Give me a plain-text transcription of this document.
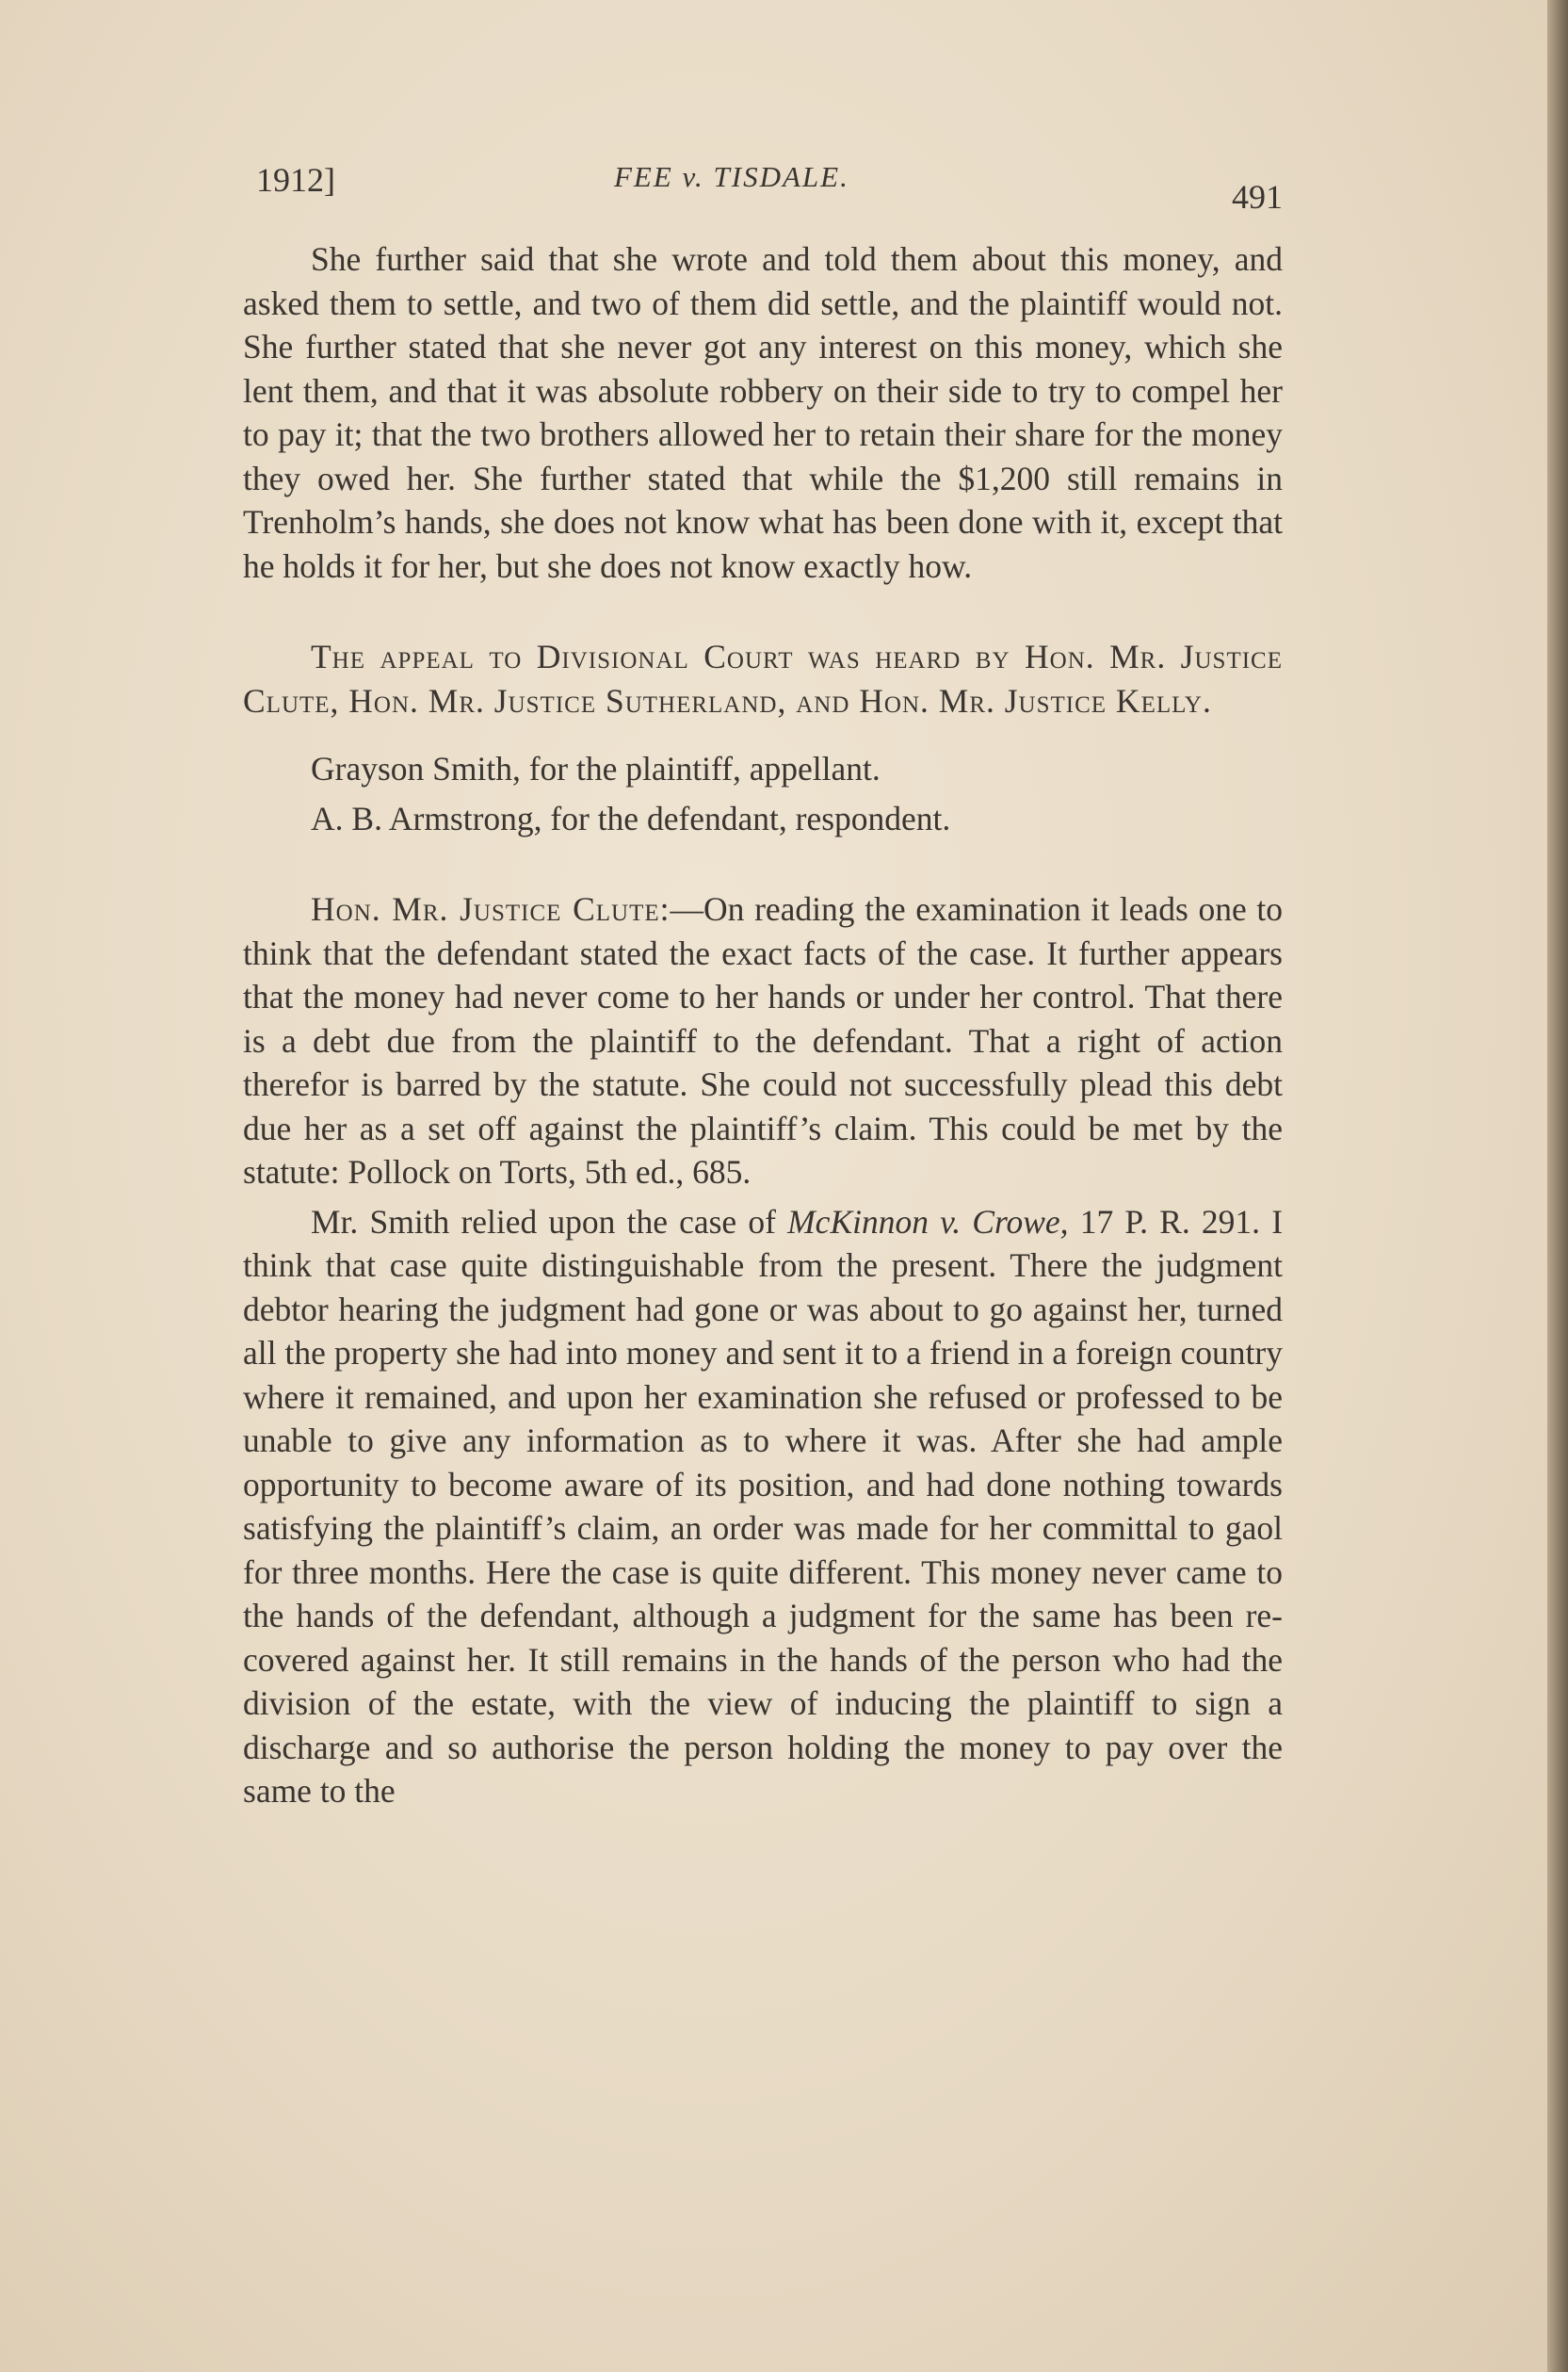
1912]	FEE v. TISDALE.
491

She further said that she wrote and told them about this money, and asked them to settle, and two of them did settle, and the plaintiff would not. She further stated that she never got any interest on this money, which she lent them, and that it was absolute robbery on their side to try to compel her to pay it; that the two brothers allowed her to retain their share for the money they owed her. She further stated that while the $1,200 still remains in Trenholm’s hands, she does not know what has been done with it, except that he holds it for her, but she does not know exactly how.

The appeal to Divisional Court was heard by Hon. Mr. Justice Clute, Hon. Mr. Justice Sutherland, and Hon. Mr. Justice Kelly.

Grayson Smith, for the plaintiff, appellant.

A. B. Armstrong, for the defendant, respondent.

Hon. Mr. Justice Clute:—On reading the examination it leads one to think that the defendant stated the exact facts of the case. It further appears that the money had never come to her hands or under her control. That there is a debt due from the plaintiff to the defendant. That a right of action therefor is barred by the statute. She could not successfully plead this debt due her as a set off against the plaintiff’s claim. This could be met by the statute: Pollock on Torts, 5th ed., 685.

Mr. Smith relied upon the case of McKinnon v. Crowe, 17 P. R. 291. I think that case quite distinguishable from the present. There the judgment debtor hearing the judgment had gone or was about to go against her, turned all the property she had into money and sent it to a friend in a foreign country where it remained, and upon her examination she refused or professed to be unable to give any information as to where it was. After she had ample opportunity to become aware of its position, and had done nothing towards satisfying the plaintiff’s claim, an order was made for her committal to gaol for three months. Here the case is quite different. This money never came to the hands of the defendant, although a judgment for the same has been recovered against her. It still remains in the hands of the person who had the division of the estate, with the view of inducing the plaintiff to sign a discharge and so authorise the person holding the money to pay over the same to the
